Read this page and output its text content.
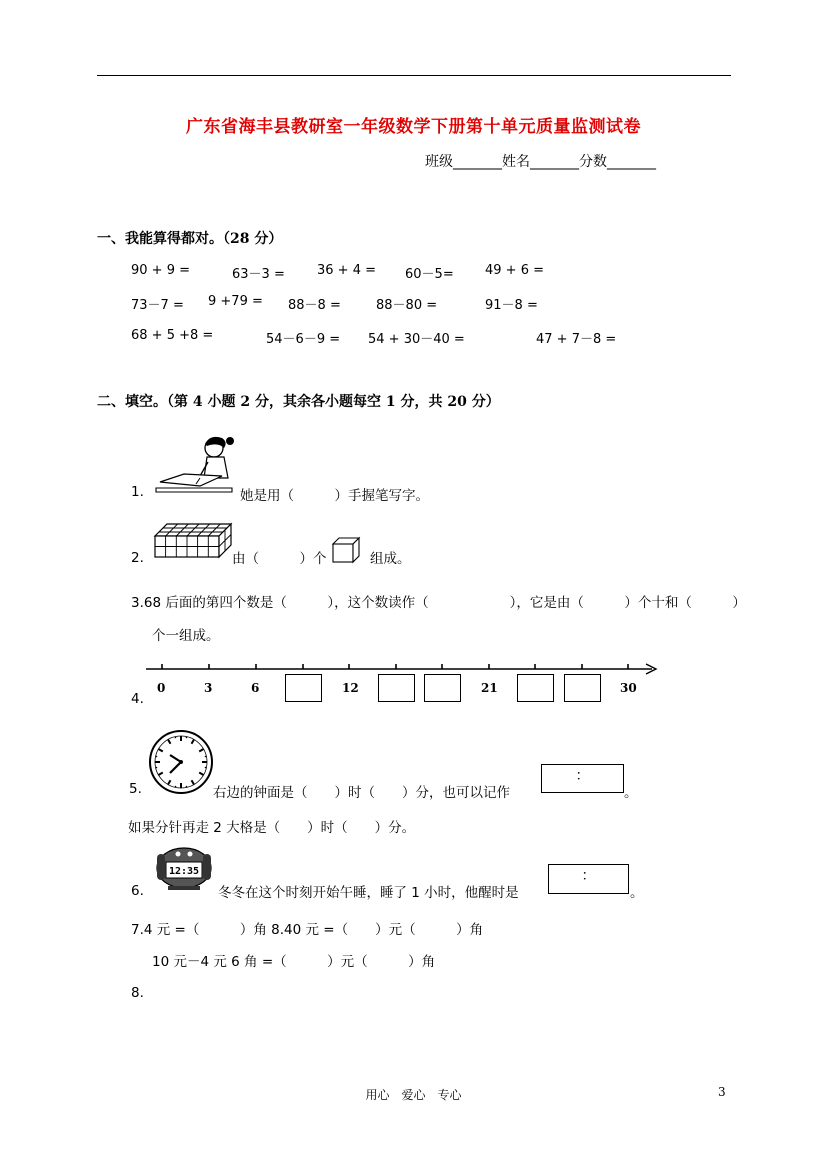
广东省海丰县教研室一年级数学下册第十单元质量监测试卷
班级_______姓名_______分数_______
一、我能算得都对。（28 分）
90 + 9 =	63－3 = 36 + 4 = 60－5= 49 + 6 =
73－7 = 9 +79 = 88－8 =	88－80 =	91－8 =
68 + 5 +8 =	54－6－9 = 54 + 30－40 =	47 + 7－8 =
二、填空。（第 4 小题 2 分，其余各小题每空 1 分，共 20 分）
1.	她是用（　　　）手握笔写字。
2.	由（　　　）个	组成。
3.68 后面的第四个数是（　　　），这个数读作（　　　　　　），它是由（　　　）个十和（　　　）
个一组成。
4.
0	3	6	12	21	30
5.	右边的钟面是（　　）时（　　）分，也可以记作
：
。
如果分针再走 2 大格是（　　）时（　　）分。
6.
12:35
冬冬在这个时刻开始午睡，睡了 1 小时，他醒时是
：
。
7.4 元 =（　　　）角 8.40 元 =（　　）元（　　　）角
10 元－4 元 6 角 =（　　　）元（　　　）角
8.
用心　爱心　专心	3
